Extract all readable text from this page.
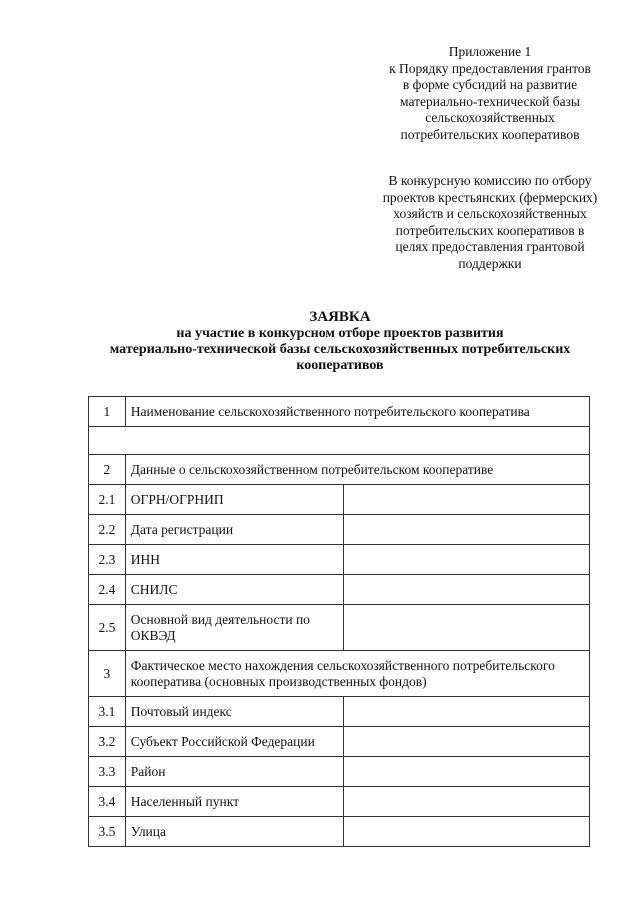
Приложение 1
к Порядку предоставления грантов
в форме субсидий на развитие
материально-технической базы
сельскохозяйственных
потребительских кооперативов
В конкурсную комиссию по отбору
проектов крестьянских (фермерских)
хозяйств и сельскохозяйственных
потребительских кооперативов в
целях предоставления грантовой
поддержки
ЗАЯВКА
на участие в конкурсном отборе проектов развития
материально-технической базы сельскохозяйственных потребительских
кооперативов
1	Наименование сельскохозяйственного потребительского кооператива	

2	Данные о сельскохозяйственном потребительском кооперативе	
2.1	ОГРН/ОГРНИП	
2.2	Дата регистрации	
2.3	ИНН	
2.4	СНИЛС	
2.5	Основной вид деятельности по ОКВЭД	
3	Фактическое место нахождения сельскохозяйственного потребительского кооператива (основных производственных фондов)	
3.1	Почтовый индекс	
3.2	Субъект Российской Федерации	
3.3	Район	
3.4	Населенный пункт	
3.5	Улица	
